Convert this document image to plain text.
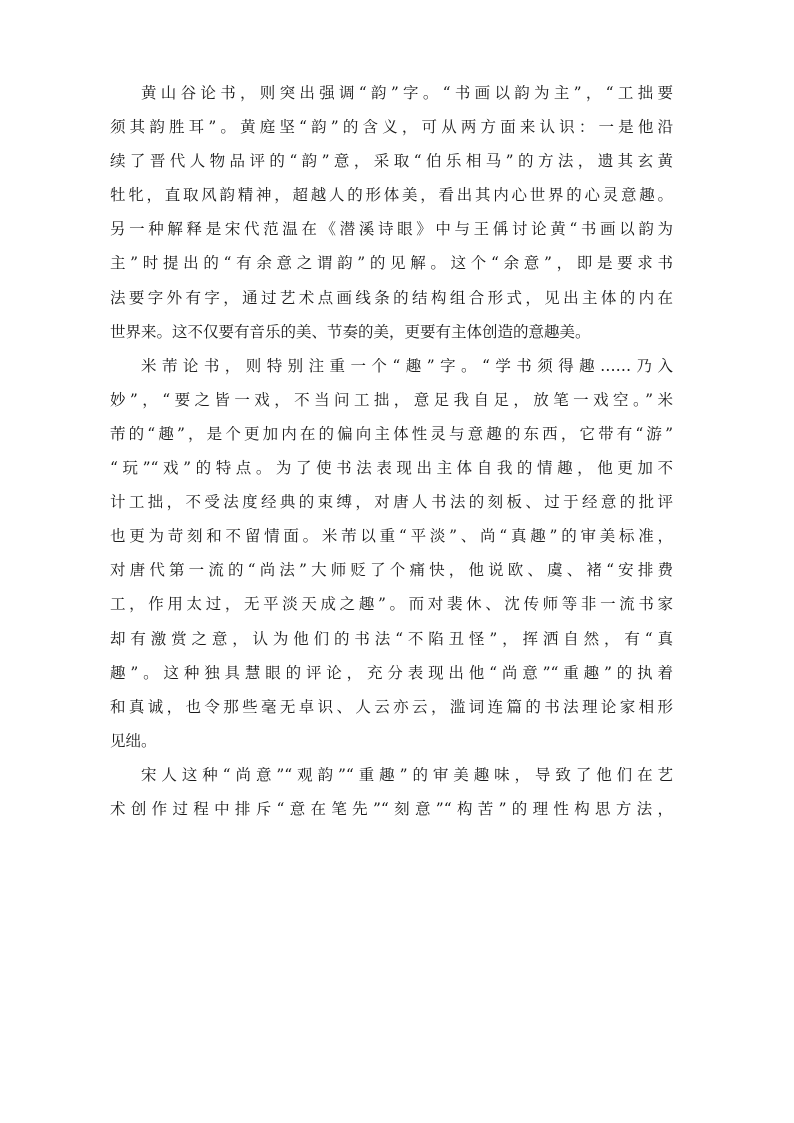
黄山谷论书，则突出强调“韵”字。“书画以韵为主”，“工拙要
须其韵胜耳”。黄庭坚“韵”的含义，可从两方面来认识：一是他沿
续了晋代人物品评的“韵”意，采取“伯乐相马”的方法，遗其玄黄
牡牝，直取风韵精神，超越人的形体美，看出其内心世界的心灵意趣。
另一种解释是宋代范温在《潜溪诗眼》中与王偁讨论黄“书画以韵为
主”时提出的“有余意之谓韵”的见解。这个“余意”，即是要求书
法要字外有字，通过艺术点画线条的结构组合形式，见出主体的内在
世界来。这不仅要有音乐的美、节奏的美，更要有主体创造的意趣美。
米芾论书，则特别注重一个“趣”字。“学书须得趣……乃入
妙”，“要之皆一戏，不当问工拙，意足我自足，放笔一戏空。”米
芾的“趣”，是个更加内在的偏向主体性灵与意趣的东西，它带有“游”
“玩”“戏”的特点。为了使书法表现出主体自我的情趣，他更加不
计工拙，不受法度经典的束缚，对唐人书法的刻板、过于经意的批评
也更为苛刻和不留情面。米芾以重“平淡”、尚“真趣”的审美标准，
对唐代第一流的“尚法”大师贬了个痛快，他说欧、虞、褚“安排费
工，作用太过，无平淡天成之趣”。而对裴休、沈传师等非一流书家
却有激赏之意，认为他们的书法“不陷丑怪”，挥洒自然，有“真
趣”。这种独具慧眼的评论，充分表现出他“尚意”“重趣”的执着
和真诚，也令那些毫无卓识、人云亦云，滥词连篇的书法理论家相形
见绌。
宋人这种“尚意”“观韵”“重趣”的审美趣味，导致了他们在艺
术创作过程中排斥“意在笔先”“刻意”“构苦”的理性构思方法，
